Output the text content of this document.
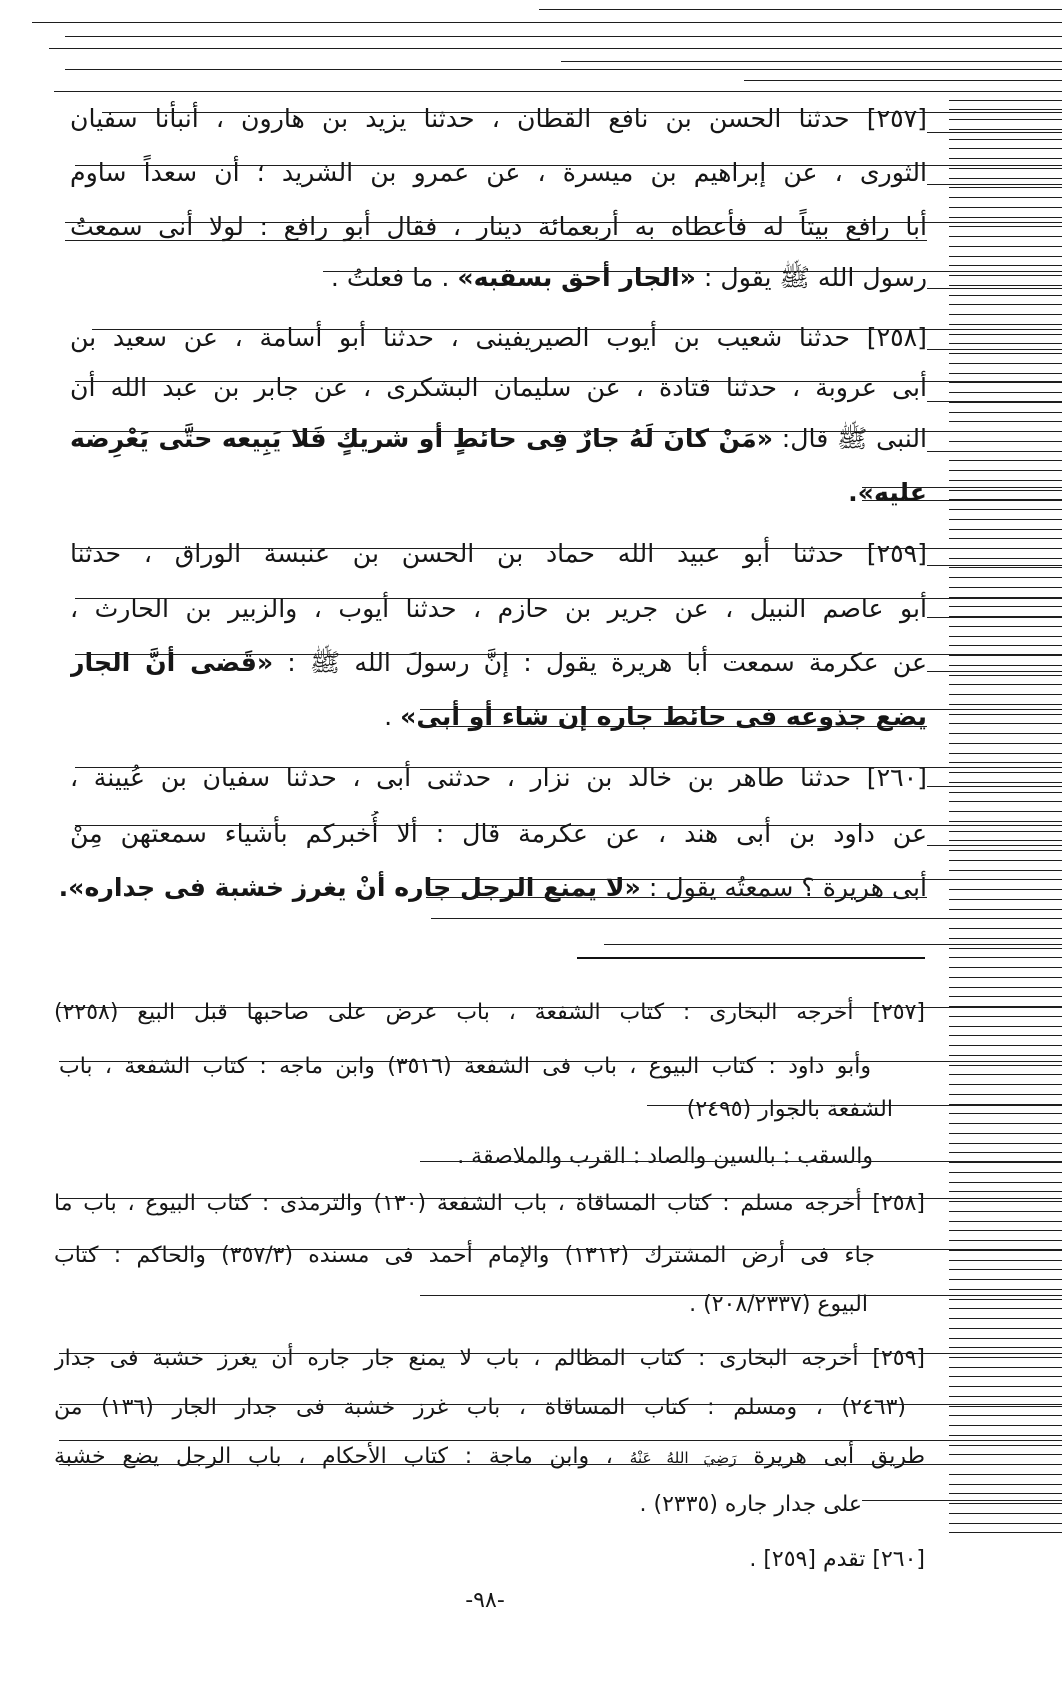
[٢٥٧] حدثنا الحسن بن نافع القطان ، حدثنا يزيد بن هارون ، أنبأنا سفيان
الثورى ، عن إبراهيم بن ميسرة ، عن عمرو بن الشريد ؛ أن سعداً ساوم
أبا رافع بيتاً له فأعطاه به أربعمائة دينار ، فقال أبو رافع : لولا أنى سمعتُ
رسول الله ﷺ يقول : «الجار أحق بسقبه» . ما فعلتُ .
[٢٥٨] حدثنا شعيب بن أيوب الصيريفينى ، حدثنا أبو أسامة ، عن سعيد بن
أبى عروبة ، حدثنا قتادة ، عن سليمان البشكرى ، عن جابر بن عبد الله أن
النبى ﷺ قال: «مَنْ كانَ لَهُ جارٌ فِى حائطٍ أو شريكٍ فَلا يَبِيعه حتَّى يَعْرِضه
عليه».
[٢٥٩] حدثنا أبو عبيد الله حماد بن الحسن بن عنبسة الوراق ، حدثنا
أبو عاصم النبيل ، عن جرير بن حازم ، حدثنا أيوب ، والزبير بن الحارث ،
عن عكرمة سمعت أبا هريرة يقول : إنَّ رسولَ الله ﷺ : «قَضى أنَّ الجار
يضع جذوعه فى حائط جاره إن شاء أو أبى» .
[٢٦٠] حدثنا طاهر بن خالد بن نزار ، حدثنى أبى ، حدثنا سفيان بن عُيينة ،
عن داود بن أبى هند ، عن عكرمة قال : ألا أُخبركم بأشياء سمعتهن مِنْ
أبى هريرة ؟ سمعتُه يقول : «لا يمنع الرجل جاره أنْ يغرز خشبة فى جداره».
[٢٥٧] أخرجه البخارى : كتاب الشفعة ، باب عرض على صاحبها قبل البيع (٢٢٥٨)
وأبو داود : كتاب البيوع ، باب فى الشفعة (٣٥١٦) وابن ماجه : كتاب الشفعة ، باب
الشفعة بالجوار (٢٤٩٥)
والسقب : بالسين والصاد : القرب والملاصقة .
[٢٥٨] أخرجه مسلم : كتاب المساقاة ، باب الشفعة (١٣٠) والترمذى : كتاب البيوع ، باب ما
جاء فى أرض المشترك (١٣١٢) والإمام أحمد فى مسنده (٣٥٧/٣) والحاكم : كتاب
البيوع (٢٠٨/٢٣٣٧) .
[٢٥٩] أخرجه البخارى : كتاب المظالم ، باب لا يمنع جار جاره أن يغرز خشبة فى جدار
(٢٤٦٣) ، ومسلم : كتاب المساقاة ، باب غرز خشبة فى جدار الجار (١٣٦) من
طريق أبى هريرة رَضِيَ اللهُ عَنْهُ ، وابن ماجة : كتاب الأحكام ، باب الرجل يضع خشبة
على جدار جاره (٢٣٣٥) .
[٢٦٠] تقدم [٢٥٩] .
-٩٨-
